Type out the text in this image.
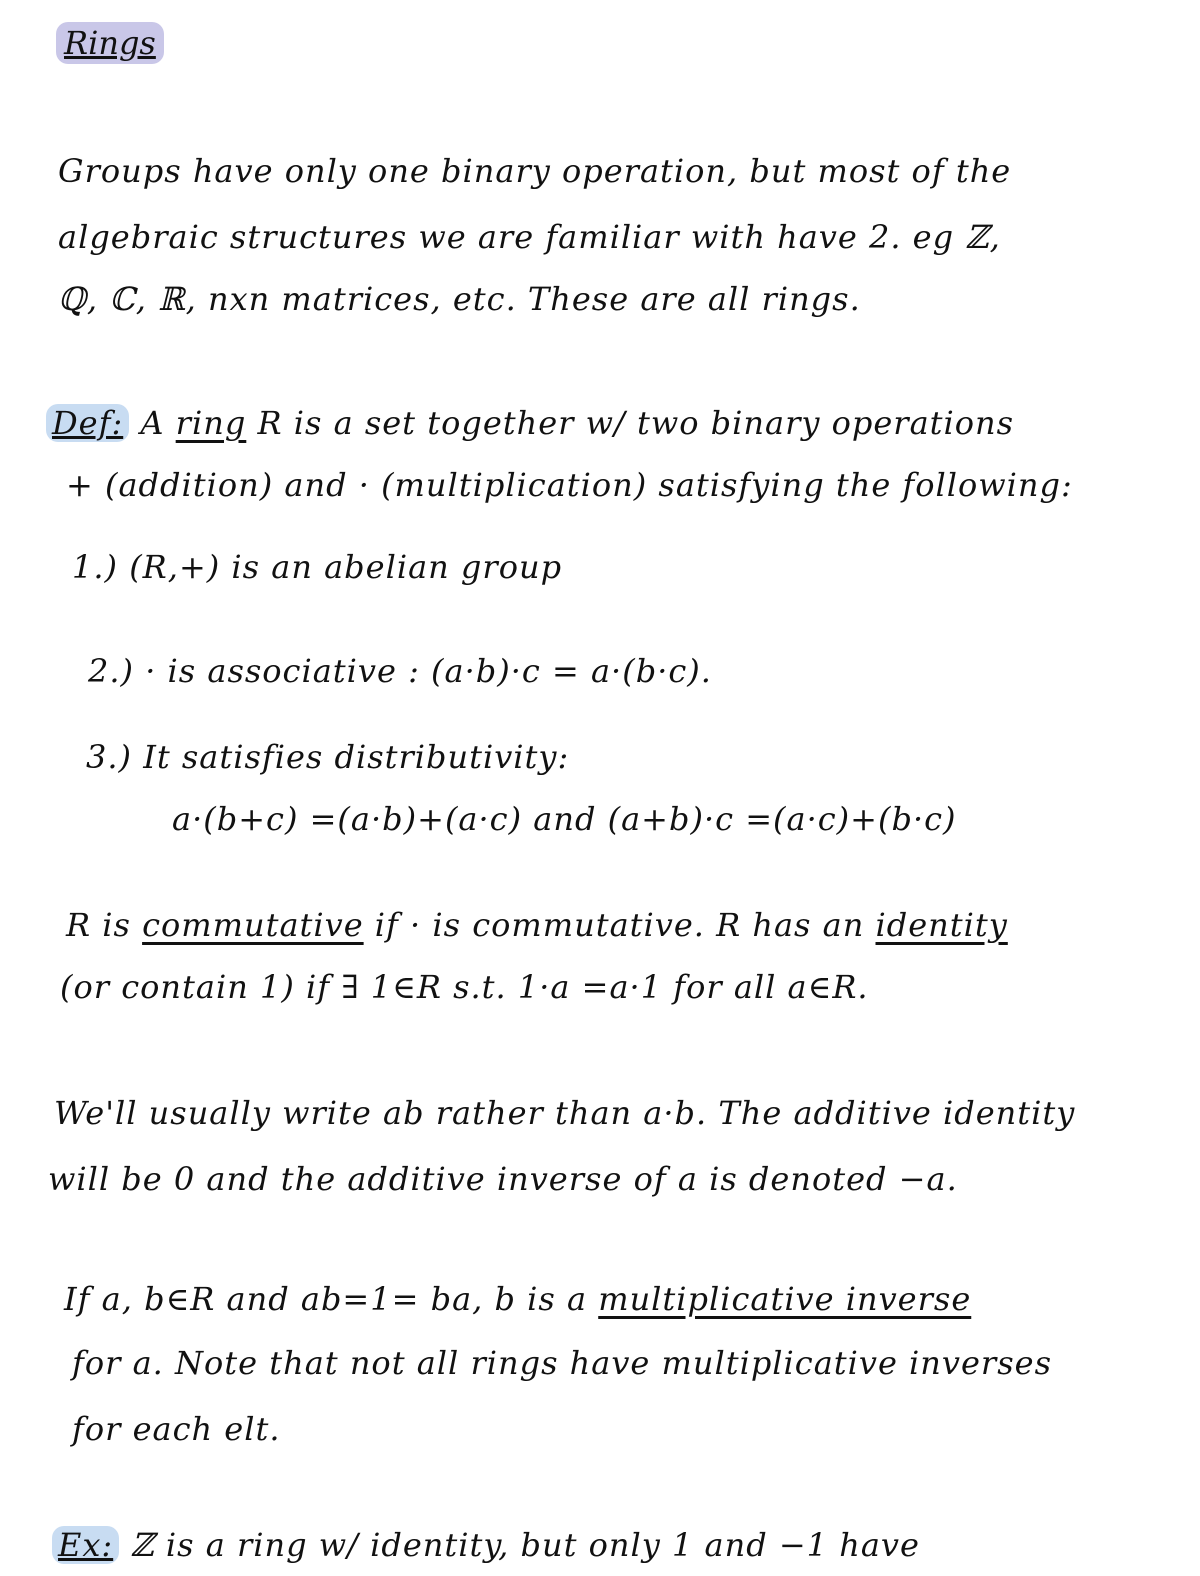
Rings
Groups have only one binary operation, but most of the
algebraic structures we are familiar with have 2. eg ℤ,
ℚ, ℂ, ℝ, nxn matrices, etc. These are all rings.
Def: A ring R is a set together w/ two binary operations
+ (addition) and · (multiplication) satisfying the following:
1.) (R,+) is an abelian group
2.) · is associative : (a·b)·c = a·(b·c).
3.) It satisfies distributivity:
a·(b+c) =(a·b)+(a·c) and (a+b)·c =(a·c)+(b·c)
R is commutative if · is commutative. R has an identity
(or contain 1) if ∃ 1∈R s.t. 1·a =a·1 for all a∈R.
We'll usually write ab rather than a·b. The additive identity
will be 0 and the additive inverse of a is denoted −a.
If a, b∈R and ab=1= ba, b is a multiplicative inverse
for a. Note that not all rings have multiplicative inverses
for each elt.
Ex: ℤ is a ring w/ identity, but only 1 and −1 have
